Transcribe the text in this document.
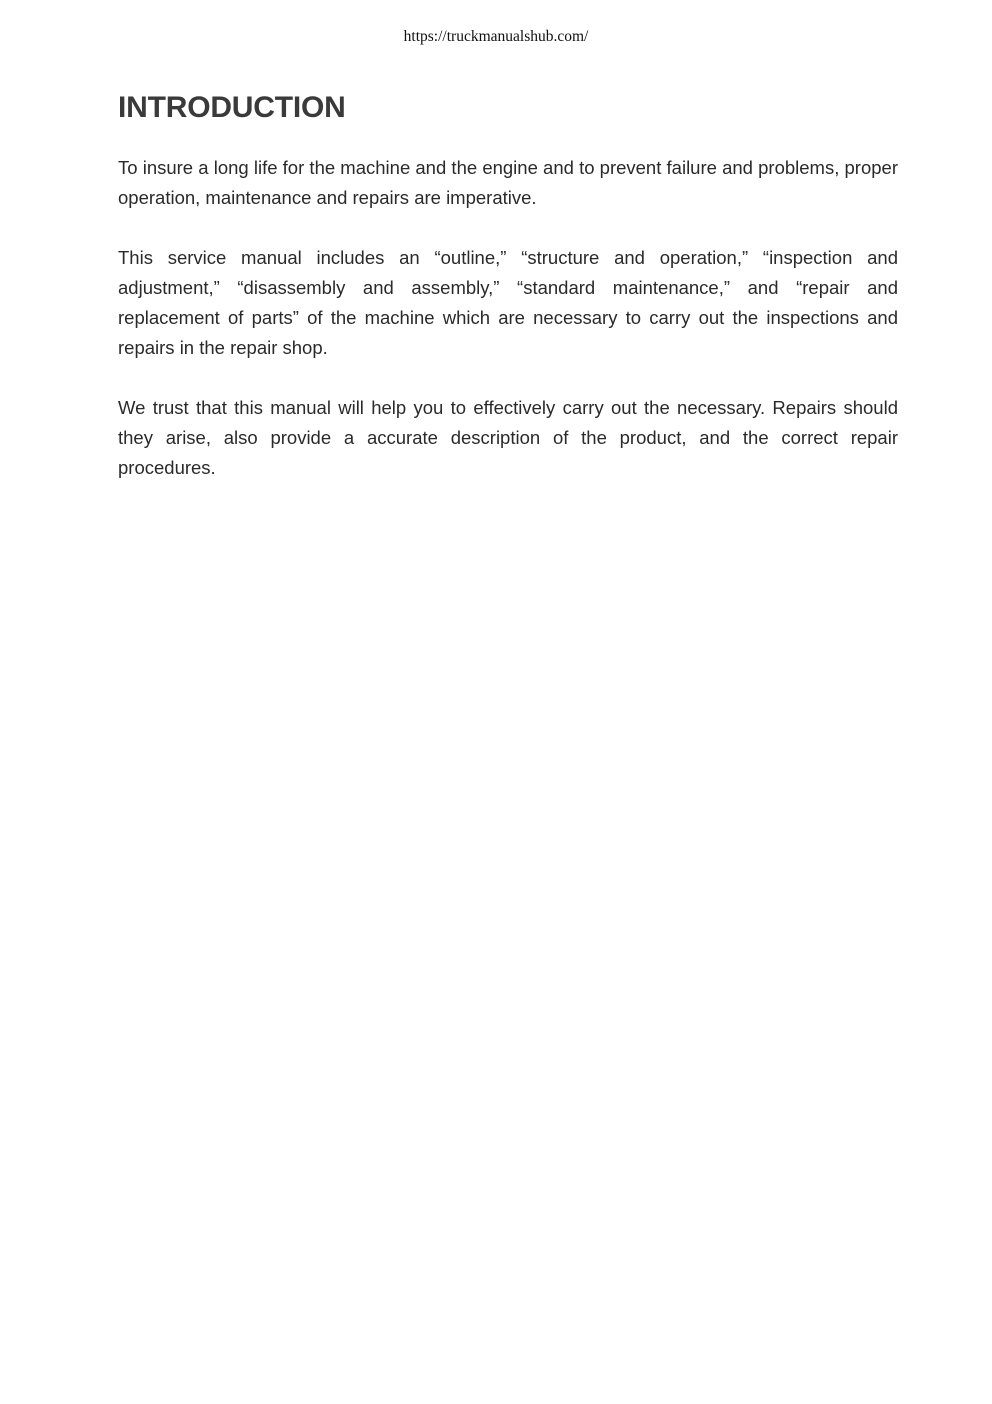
https://truckmanualshub.com/
INTRODUCTION

To insure a long life for the machine and the engine and to prevent failure and problems, proper operation, maintenance and repairs are imperative.

This service manual includes an “outline,” “structure and operation,” “inspection and adjustment,” “disassembly and assembly,” “standard maintenance,” and “repair and replacement of parts” of the machine which are necessary to carry out the inspections and repairs in the repair shop.

We trust that this manual will help you to effectively carry out the necessary. Repairs should they arise, also provide a accurate description of the product, and the correct repair procedures.
